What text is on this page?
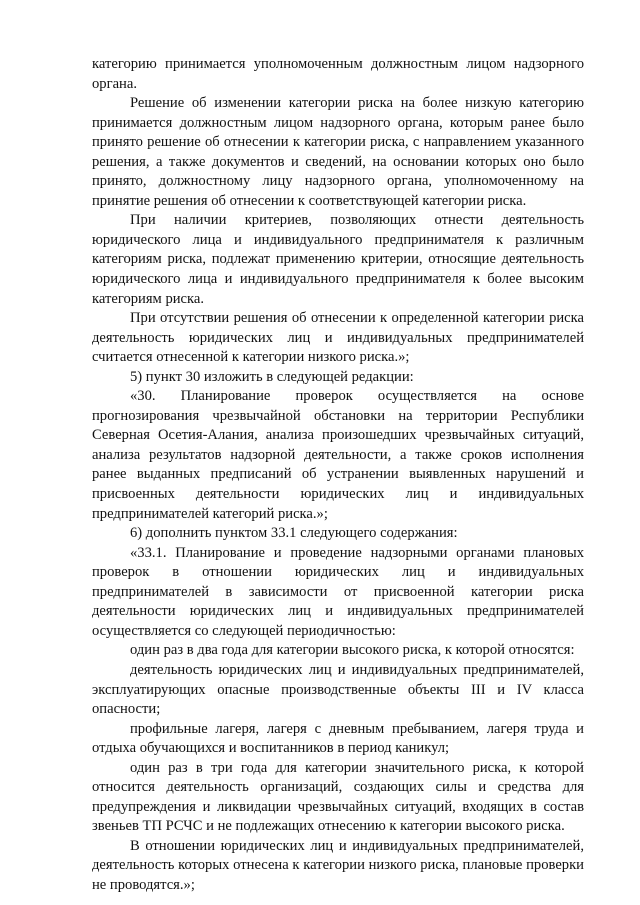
категорию принимается уполномоченным должностным лицом надзорного органа.

Решение об изменении категории риска на более низкую категорию принимается должностным лицом надзорного органа, которым ранее было принято решение об отнесении к категории риска, с направлением указанного решения, а также документов и сведений, на основании которых оно было принято, должностному лицу надзорного органа, уполномоченному на принятие решения об отнесении к соответствующей категории риска.

При наличии критериев, позволяющих отнести деятельность юридического лица и индивидуального предпринимателя к различным категориям риска, подлежат применению критерии, относящие деятельность юридического лица и индивидуального предпринимателя к более высоким категориям риска.

При отсутствии решения об отнесении к определенной категории риска деятельность юридических лиц и индивидуальных предпринимателей считается отнесенной к категории низкого риска.»;

5) пункт 30 изложить в следующей редакции:

«30. Планирование проверок осуществляется на основе прогнозирования чрезвычайной обстановки на территории Республики Северная Осетия-Алания, анализа произошедших чрезвычайных ситуаций, анализа результатов надзорной деятельности, а также сроков исполнения ранее выданных предписаний об устранении выявленных нарушений и присвоенных деятельности юридических лиц и индивидуальных предпринимателей категорий риска.»;

6) дополнить пунктом 33.1 следующего содержания:

«33.1. Планирование и проведение надзорными органами плановых проверок в отношении юридических лиц и индивидуальных предпринимателей в зависимости от присвоенной категории риска деятельности юридических лиц и индивидуальных предпринимателей осуществляется со следующей периодичностью:

один раз в два года для категории высокого риска, к которой относятся:

деятельность юридических лиц и индивидуальных предпринимателей, эксплуатирующих опасные производственные объекты III и IV класса опасности;

профильные лагеря, лагеря с дневным пребыванием, лагеря труда и отдыха обучающихся и воспитанников в период каникул;

один раз в три года для категории значительного риска, к которой относится деятельность организаций, создающих силы и средства для предупреждения и ликвидации чрезвычайных ситуаций, входящих в состав звеньев ТП РСЧС и не подлежащих отнесению к категории высокого риска.

В отношении юридических лиц и индивидуальных предпринимателей, деятельность которых отнесена к категории низкого риска, плановые проверки не проводятся.»;
